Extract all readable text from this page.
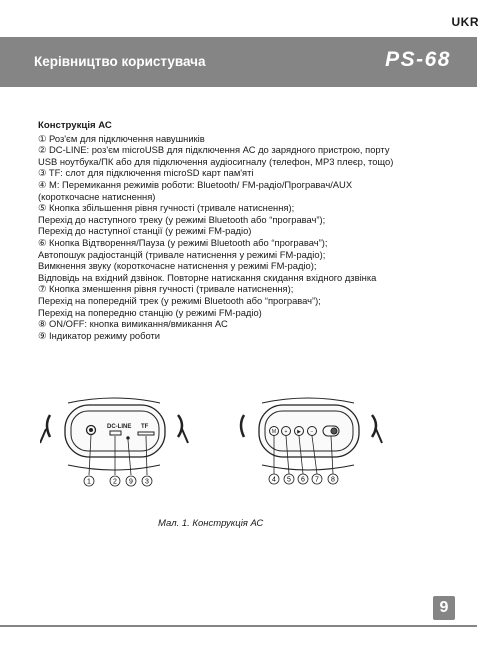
UKR
Керівництво користувача	PS-68
Конструкція АС
① Роз'єм для підключення навушників
② DC-LINE: роз'єм microUSB для підключення АС до зарядного пристрою, порту
USB ноутбука/ПК або для підключення аудіосигналу (телефон, MP3 плеєр, тощо)
③ TF: слот для підключення microSD карт пам'яті
④ M: Перемикання режимів роботи: Bluetooth/ FM-радіо/Програвач/AUX
(короткочасне натиснення)
⑤ Кнопка збільшення рівня гучності (тривале натиснення);
Перехід до наступного треку (у режимі Bluetooth або “програвач”);
Перехід до наступної станції (у режимі FM-радіо)
⑥ Кнопка Відтворення/Пауза (у режимі Bluetooth або “програвач”);
Автопошук радіостанцій (тривале натиснення у режимі FM-радіо);
Вимкнення звуку (короткочасне натиснення у режимі FM-радіо);
Відповідь на вхідний дзвінок. Повторне натискання скидання вхідного дзвінка
⑦ Кнопка зменшення рівня гучності (тривале натиснення);
Перехід на попередній трек (у режимі Bluetooth або “програвач”);
Перехід на попередню станцію (у режимі FM-радіо)
⑧ ON/OFF: кнопка вимикання/вмикання АС
⑨ Індикатор режиму роботи
DC-LINE TF
1	2 9 3
M + ▶ −
4 5 6 7 8
Мал. 1. Конструкція АС
9
